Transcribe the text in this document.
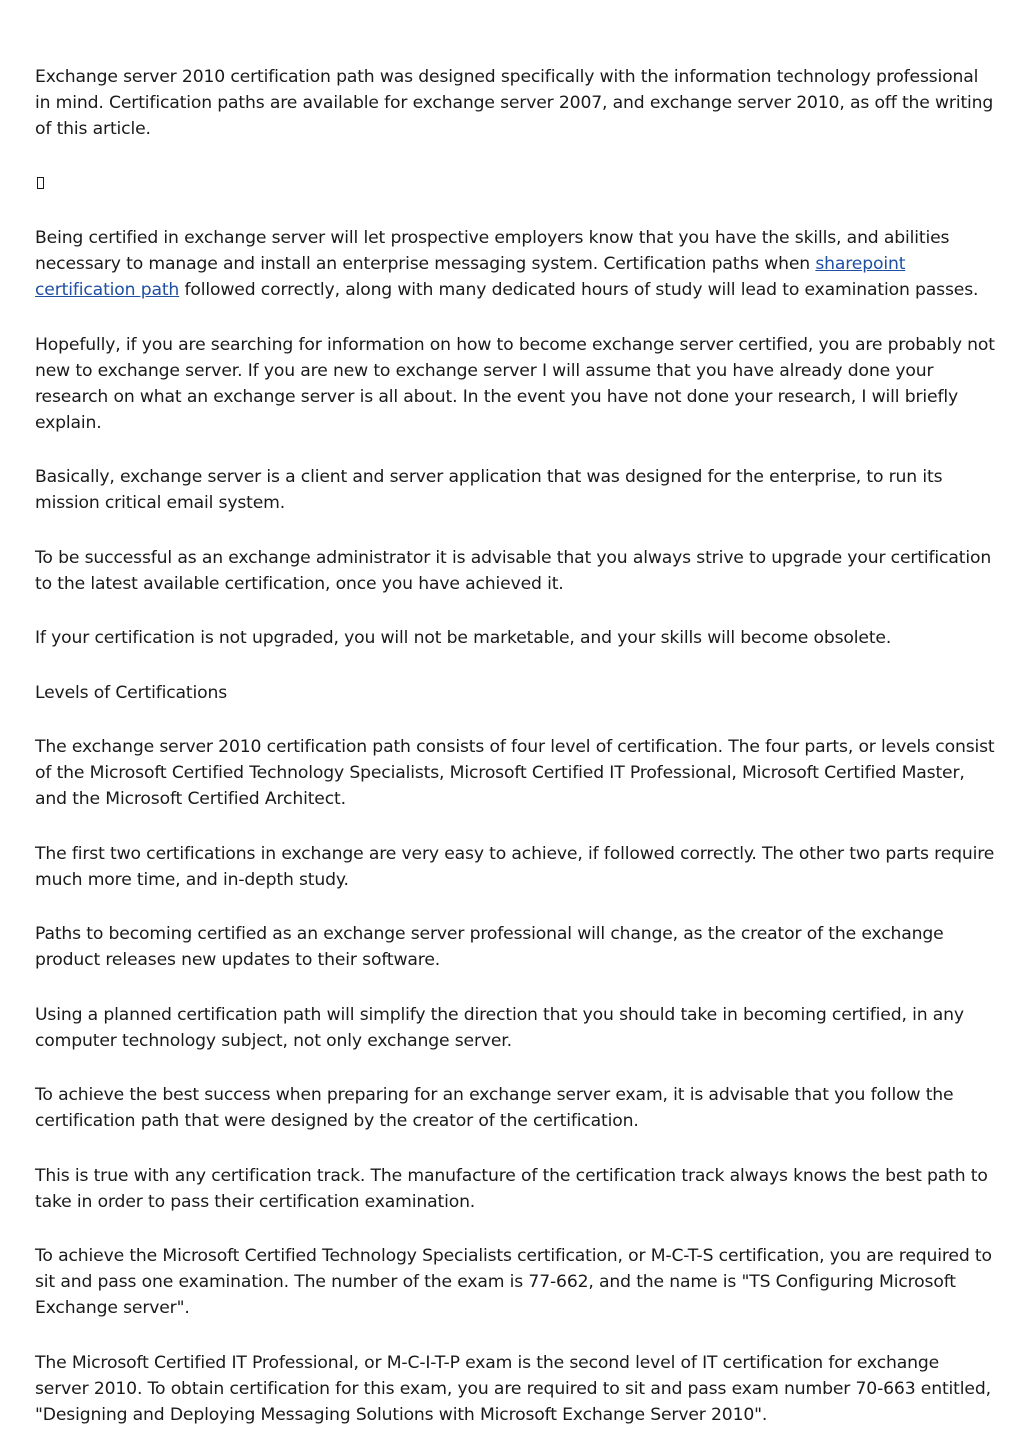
Exchange server 2010 certification path was designed specifically with the information technology professional in mind. Certification paths are available for exchange server 2007, and exchange server 2010, as off the writing of this article.

Being certified in exchange server will let prospective employers know that you have the skills, and abilities necessary to manage and install an enterprise messaging system. Certification paths when sharepoint certification path followed correctly, along with many dedicated hours of study will lead to examination passes.

Hopefully, if you are searching for information on how to become exchange server certified, you are probably not new to exchange server. If you are new to exchange server I will assume that you have already done your research on what an exchange server is all about. In the event you have not done your research, I will briefly explain.

Basically, exchange server is a client and server application that was designed for the enterprise, to run its mission critical email system.

To be successful as an exchange administrator it is advisable that you always strive to upgrade your certification to the latest available certification, once you have achieved it.

If your certification is not upgraded, you will not be marketable, and your skills will become obsolete.

Levels of Certifications

The exchange server 2010 certification path consists of four level of certification. The four parts, or levels consist of the Microsoft Certified Technology Specialists, Microsoft Certified IT Professional, Microsoft Certified Master, and the Microsoft Certified Architect.

The first two certifications in exchange are very easy to achieve, if followed correctly. The other two parts require much more time, and in-depth study.

Paths to becoming certified as an exchange server professional will change, as the creator of the exchange product releases new updates to their software.

Using a planned certification path will simplify the direction that you should take in becoming certified, in any computer technology subject, not only exchange server.

To achieve the best success when preparing for an exchange server exam, it is advisable that you follow the certification path that were designed by the creator of the certification.

This is true with any certification track. The manufacture of the certification track always knows the best path to take in order to pass their certification examination.

To achieve the Microsoft Certified Technology Specialists certification, or M-C-T-S certification, you are required to sit and pass one examination. The number of the exam is 77-662, and the name is "TS Configuring Microsoft Exchange server".

The Microsoft Certified IT Professional, or M-C-I-T-P exam is the second level of IT certification for exchange server 2010. To obtain certification for this exam, you are required to sit and pass exam number 70-663 entitled, "Designing and Deploying Messaging Solutions with Microsoft Exchange Server 2010".
